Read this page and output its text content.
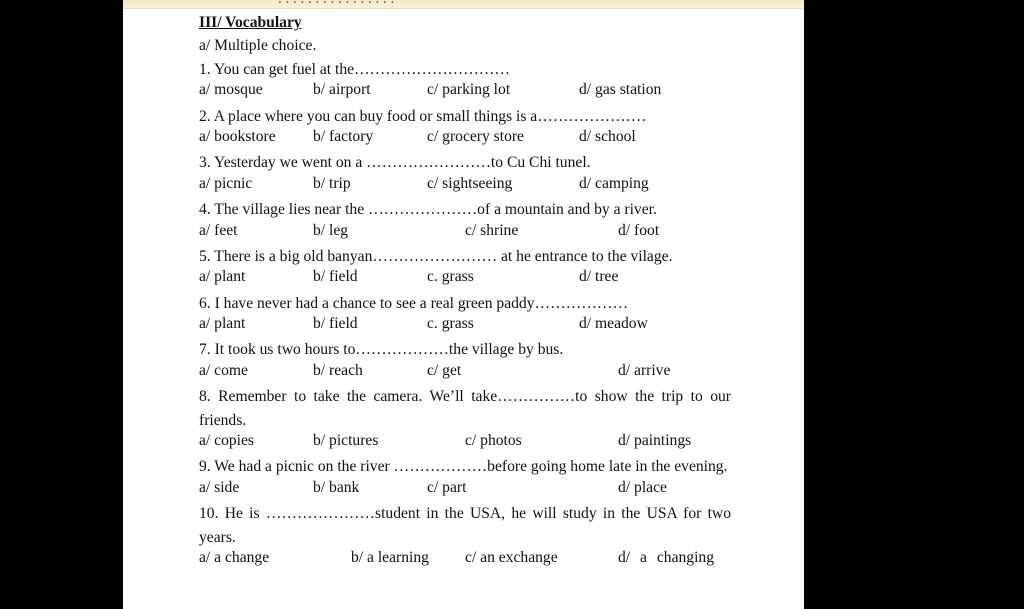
III/ Vocabulary
a/ Multiple choice.
1. You can get fuel at the…………………………
a/ mosque	b/ airport	c/ parking lot	d/ gas station
2. A place where you can buy food or small things is a…………………
a/ bookstore b/ factory	c/ grocery store	d/ school
3. Yesterday we went on a ……………………to Cu Chi tunel.
a/ picnic	b/ trip	c/ sightseeing	d/ camping
4. The village lies near the …………………of a mountain and by a river.
a/ feet	b/ leg	c/ shrine	d/ foot
5. There is a big old banyan…………………… at he entrance to the vilage.
a/ plant	b/ field	c. grass	d/ tree
6. I have never had a chance to see a real green paddy………………
a/ plant	b/ field	c. grass	d/ meadow
7. It took us two hours to………………the village by bus.
a/ come	b/ reach	c/ get	d/ arrive
8. Remember to take the camera. We’ll take……………to show the trip to our friends.
a/ copies	b/ pictures	c/ photos	d/ paintings
9. We had a picnic on the river ………………before going home late in the evening.
a/ side	b/ bank	c/ part	d/ place
10. He is …………………student in the USA, he will study in the USA for two years.
a/ a change	b/ a learning c/ an exchange	d/ a changing
